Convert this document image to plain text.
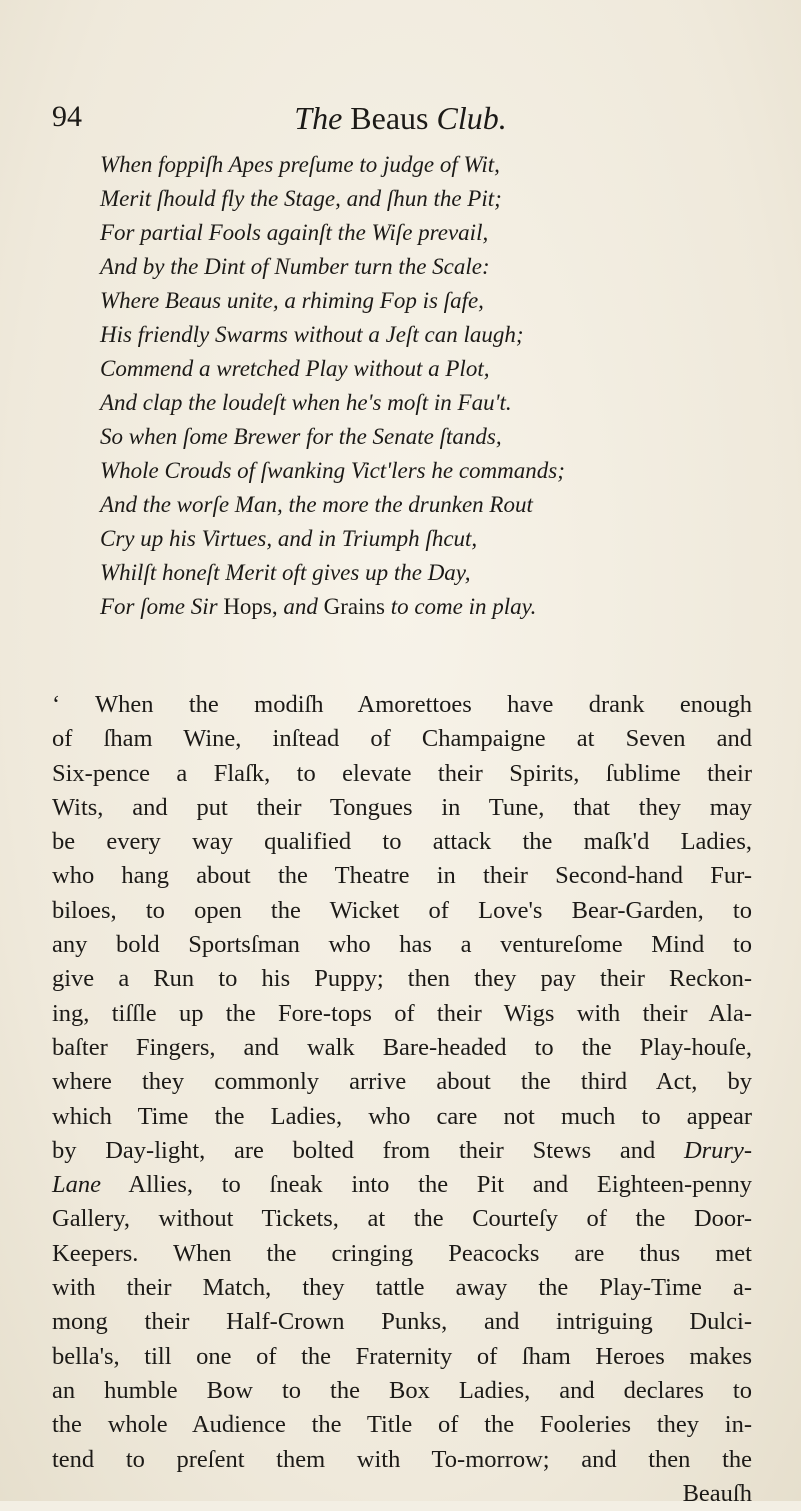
94	The Beaus Club.
When foppiſh Apes preſume to judge of Wit,
Merit ſhould fly the Stage, and ſhun the Pit;
For partial Fools againſt the Wiſe prevail,
And by the Dint of Number turn the Scale:
Where Beaus unite, a rhiming Fop is ſafe,
His friendly Swarms without a Jeſt can laugh;
Commend a wretched Play without a Plot,
And clap the loudeſt when he's moſt in Fau't.
So when ſome Brewer for the Senate ſtands,
Whole Crouds of ſwanking Vict'lers he commands;
And the worſe Man, the more the drunken Rout
Cry up his Virtues, and in Triumph ſhcut,
Whilſt honeſt Merit oft gives up the Day,
For ſome Sir Hops, and Grains to come in play.
‘ When the modiſh Amorettoes have drank enough
of ſham Wine, inſtead of Champaigne at Seven and
Six-pence a Flaſk, to elevate their Spirits, ſublime their
Wits, and put their Tongues in Tune, that they may
be every way qualified to attack the maſk'd Ladies,
who hang about the Theatre in their Second-hand Fur-
biloes, to open the Wicket of Love's Bear-Garden, to
any bold Sportsſman who has a ventureſome Mind to
give a Run to his Puppy; then they pay their Reckon-
ing, tiſſle up the Fore-tops of their Wigs with their Ala-
baſter Fingers, and walk Bare-headed to the Play-houſe,
where they commonly arrive about the third Act, by
which Time the Ladies, who care not much to appear
by Day-light, are bolted from their Stews and Drury-
Lane Allies, to ſneak into the Pit and Eighteen-penny
Gallery, without Tickets, at the Courteſy of the Door-
Keepers. When the cringing Peacocks are thus met
with their Match, they tattle away the Play-Time a-
mong their Half-Crown Punks, and intriguing Dulci-
bella's, till one of the Fraternity of ſham Heroes makes
an humble Bow to the Box Ladies, and declares to
the whole Audience the Title of the Fooleries they in-
tend to preſent them with To-morrow; and then the
Beauſh
